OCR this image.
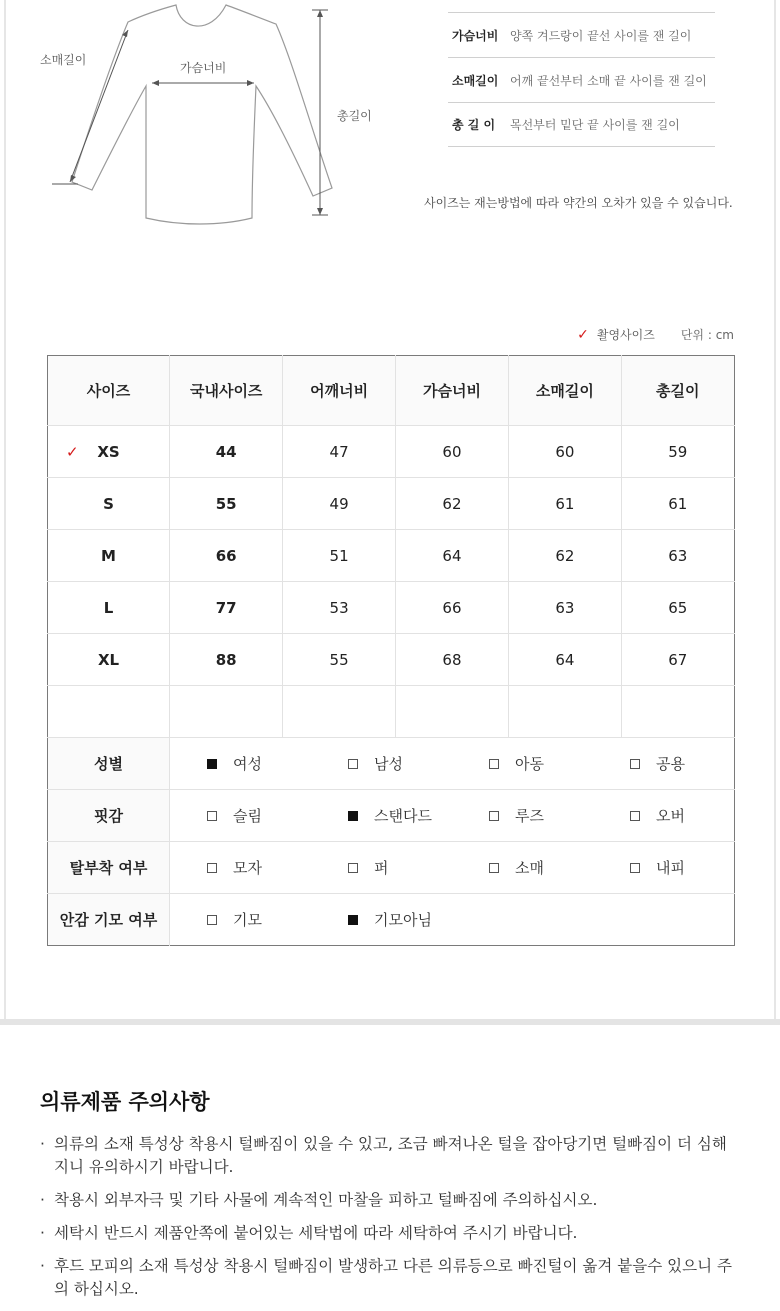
소매길이
가슴너비
총길이
가슴너비 양쪽 겨드랑이 끝선 사이를 잰 길이
소매길이 어깨 끝선부터 소매 끝 사이를 잰 길이
총 길 이	목선부터 밑단 끝 사이를 잰 길이
사이즈는 재는방법에 따라 약간의 오차가 있을 수 있습니다.
✓ 촬영사이즈 단위 : cm
사이즈	국내사이즈	어깨너비	가슴너비	소매길이	총길이

✓ XS	44	47	60	60	59
S	55	49	62	61	61
M	66	51	64	62	63
L	77	53	66	63	65
XL	88	55	68	64	67

성별	여성 남성 아동 공용				

핏감	슬림 스탠다드 루즈 오버				

탈부착 여부	모자 퍼 소매 내피				

안감 기모 여부	기모 기모아님				
의류제품 주의사항
· 의류의 소재 특성상 착용시 털빠짐이 있을 수 있고, 조금 빠져나온 털을 잡아당기면 털빠짐이 더 심해지니 유의하시기 바랍니다.
· 착용시 외부자극 및 기타 사물에 계속적인 마찰을 피하고 털빠짐에 주의하십시오.
· 세탁시 반드시 제품안쪽에 붙어있는 세탁법에 따라 세탁하여 주시기 바랍니다.
· 후드 모피의 소재 특성상 착용시 털빠짐이 발생하고 다른 의류등으로 빠진털이 옮겨 붙을수 있으니 주의 하십시오.
